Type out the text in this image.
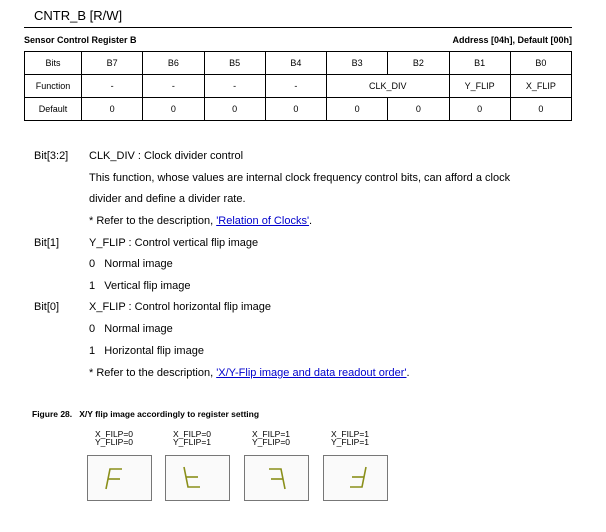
CNTR_B [R/W]
Sensor Control Register B	Address [04h], Default [00h]
Bits	B7	B6	B5	B4	B3	B2	B1	B0
Function	-	-	-	-	CLK_DIV		Y_FLIP	X_FLIP
Default	0	0	0	0	0	0	0	0
Bit[3:2] CLK_DIV : Clock divider control
This function, whose values are internal clock frequency control bits, can afford a clock
divider and define a divider rate.
* Refer to the description, 'Relation of Clocks'.
Bit[1]	Y_FLIP : Control vertical flip image
0   Normal image
1   Vertical flip image
Bit[0]	X_FLIP : Control horizontal flip image
0   Normal image
1   Horizontal flip image
* Refer to the description, 'X/Y-Flip image and data readout order'.
Figure 28.   X/Y flip image accordingly to register setting
X_FILP=0
Y_FLIP=0
X_FILP=0
Y_FLIP=1
X_FILP=1
Y_FLIP=0
X_FILP=1
Y_FLIP=1
